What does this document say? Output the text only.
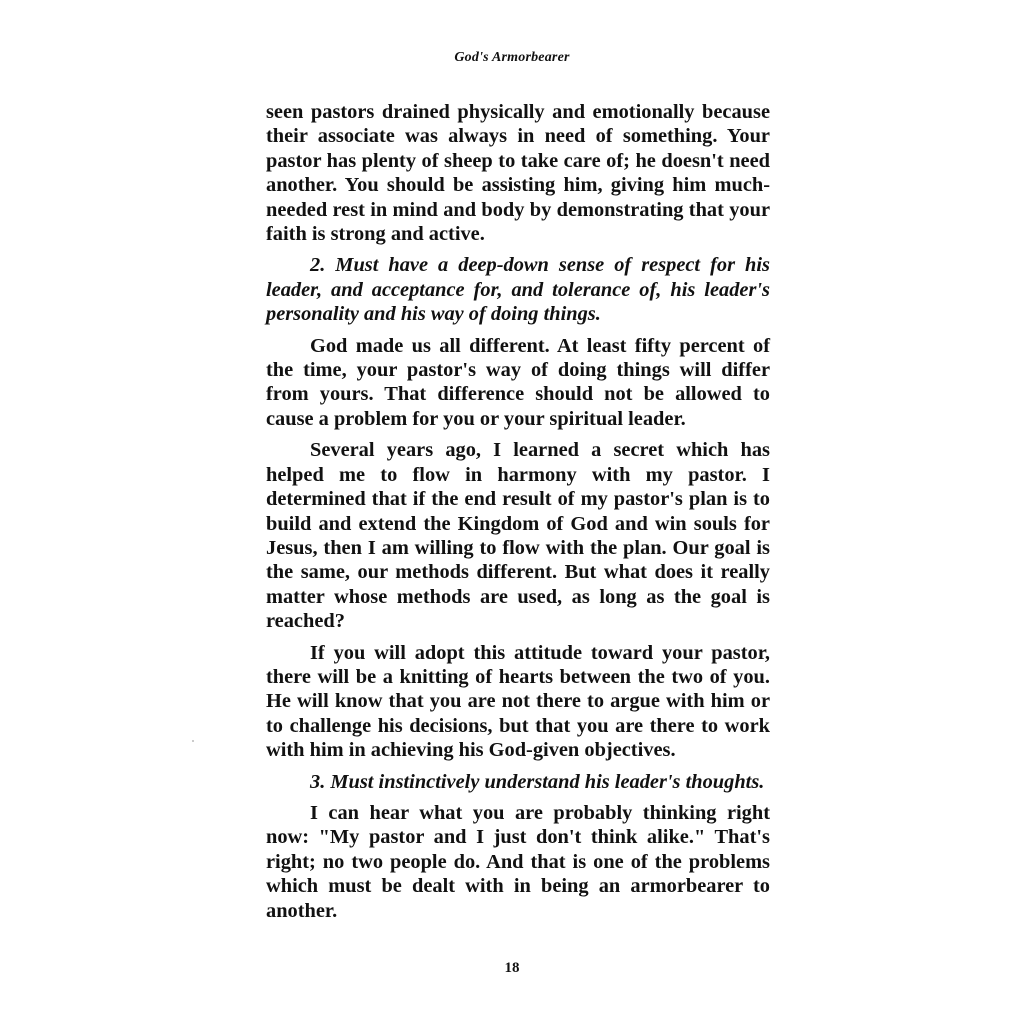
God's Armorbearer

seen pastors drained physically and emotionally because their associate was always in need of something. Your pastor has plenty of sheep to take care of; he doesn't need another. You should be assisting him, giving him much-needed rest in mind and body by demonstrating that your faith is strong and active.

2. Must have a deep-down sense of respect for his leader, and acceptance for, and tolerance of, his leader's personality and his way of doing things.

God made us all different. At least fifty percent of the time, your pastor's way of doing things will differ from yours. That difference should not be allowed to cause a problem for you or your spiritual leader.

Several years ago, I learned a secret which has helped me to flow in harmony with my pastor. I determined that if the end result of my pastor's plan is to build and extend the Kingdom of God and win souls for Jesus, then I am willing to flow with the plan. Our goal is the same, our methods different. But what does it really matter whose methods are used, as long as the goal is reached?

If you will adopt this attitude toward your pastor, there will be a knitting of hearts between the two of you. He will know that you are not there to argue with him or to challenge his decisions, but that you are there to work with him in achieving his God-given objectives.

3. Must instinctively understand his leader's thoughts.

I can hear what you are probably thinking right now: "My pastor and I just don't think alike." That's right; no two people do. And that is one of the problems which must be dealt with in being an armorbearer to another.

18
